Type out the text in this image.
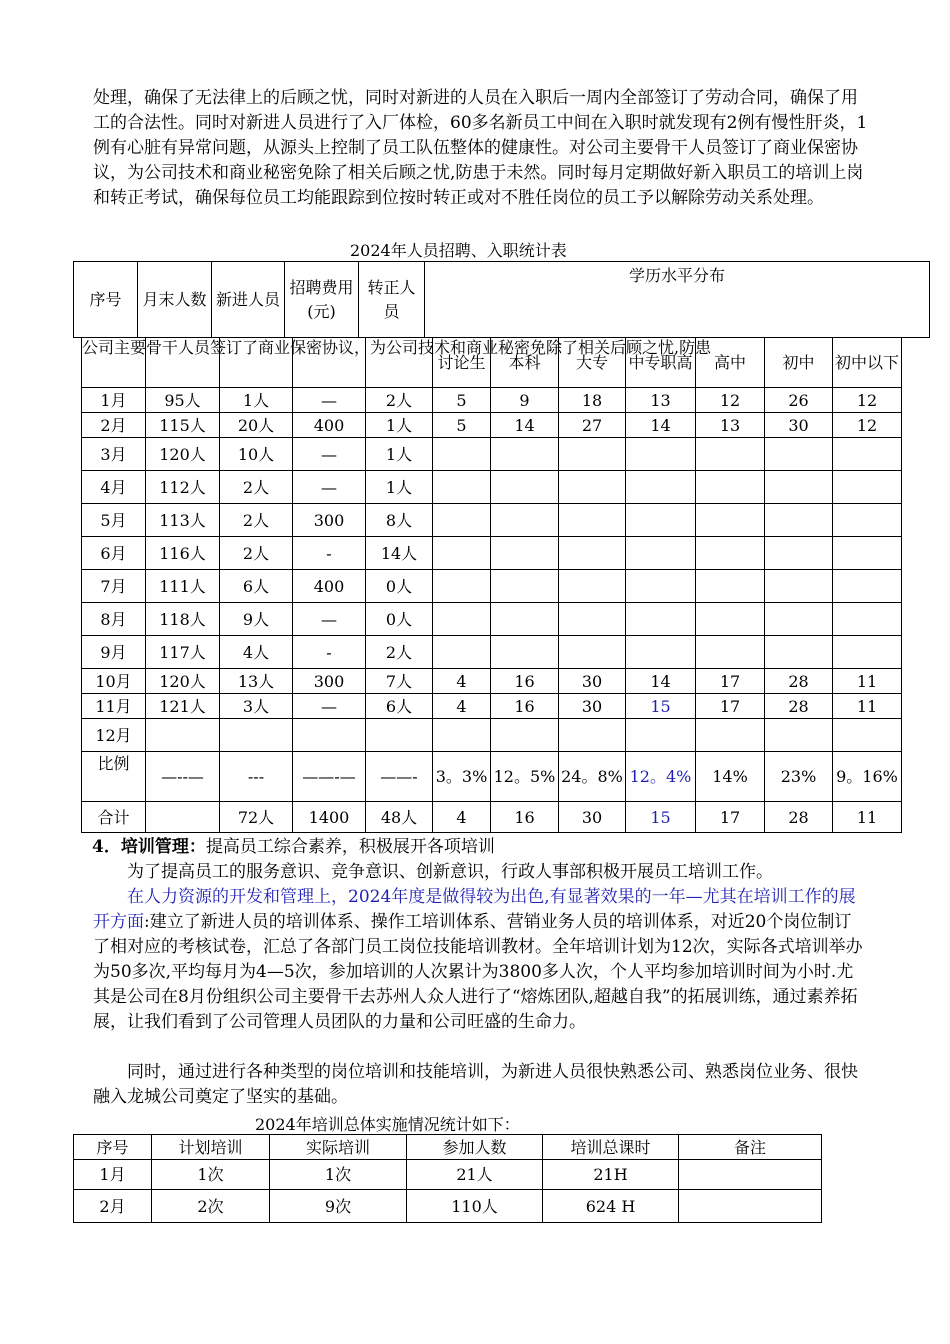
处理，确保了无法律上的后顾之忧，同时对新进的人员在入职后一周内全部签订了劳动合同，确保了用工的合法性。同时对新进人员进行了入厂体检，60多名新员工中间在入职时就发现有2例有慢性肝炎，1例有心脏有异常问题，从源头上控制了员工队伍整体的健康性。对公司主要骨干人员签订了商业保密协议，为公司技术和商业秘密免除了相关后顾之忧,防患于未然。同时每月定期做好新入职员工的培训上岗和转正考试，确保每位员工均能跟踪到位按时转正或对不胜任岗位的员工予以解除劳动关系处理。
2024年人员招聘、入职统计表
序号	月末人数	新进人员	招聘费用(元)	转正人员	学历水平分布
公司主要骨干人员签订了商业保密协议，为公司技术和商业秘密免除了相关后顾之忧,防患					讨论生	本科	大专	中专职高	高中	初中	初中以下
1月	95人	1人	—	2人	5	9	18	13	12	26	12
2月	115人	20人	400	1人	5	14	27	14	13	30	12
3月	120人	10人	—	1人							
4月	112人	2人	—	1人							
5月	113人	2人	300	8人							
6月	116人	2人	-	14人							
7月	111人	6人	400	0人							
8月	118人	9人	—	0人							
9月	117人	4人	-	2人							
10月	120人	13人	300	7人	4	16	30	14	17	28	11
11月	121人	3人	—	6人	4	16	30	15	17	28	11
12月											
比例	—--—	---	——-—	——-	3。3%	12。5%	24。8%	12。4%	14%	23%	9。16%
合计		72人	1400	48人	4	16	30	15	17	28	11
4．培训管理：提高员工综合素养，积极展开各项培训
为了提高员工的服务意识、竞争意识、创新意识，行政人事部积极开展员工培训工作。
在人力资源的开发和管理上，2024年度是做得较为出色,有显著效果的一年—尤其在培训工作的展开方面:建立了新进人员的培训体系、操作工培训体系、营销业务人员的培训体系，对近20个岗位制订了相对应的考核试卷，汇总了各部门员工岗位技能培训教材。全年培训计划为12次，实际各式培训举办为50多次,平均每月为4—5次，参加培训的人次累计为3800多人次，个人平均参加培训时间为小时.尤其是公司在8月份组织公司主要骨干去苏州人众人进行了“熔炼团队,超越自我”的拓展训练，通过素养拓展，让我们看到了公司管理人员团队的力量和公司旺盛的生命力。
同时，通过进行各种类型的岗位培训和技能培训，为新进人员很快熟悉公司、熟悉岗位业务、很快融入龙城公司奠定了坚实的基础。
2024年培训总体实施情况统计如下：
序号	计划培训	实际培训	参加人数	培训总课时	备注
1月	1次	1次	21人	21H	
2月	2次	9次	110人	624 H	
